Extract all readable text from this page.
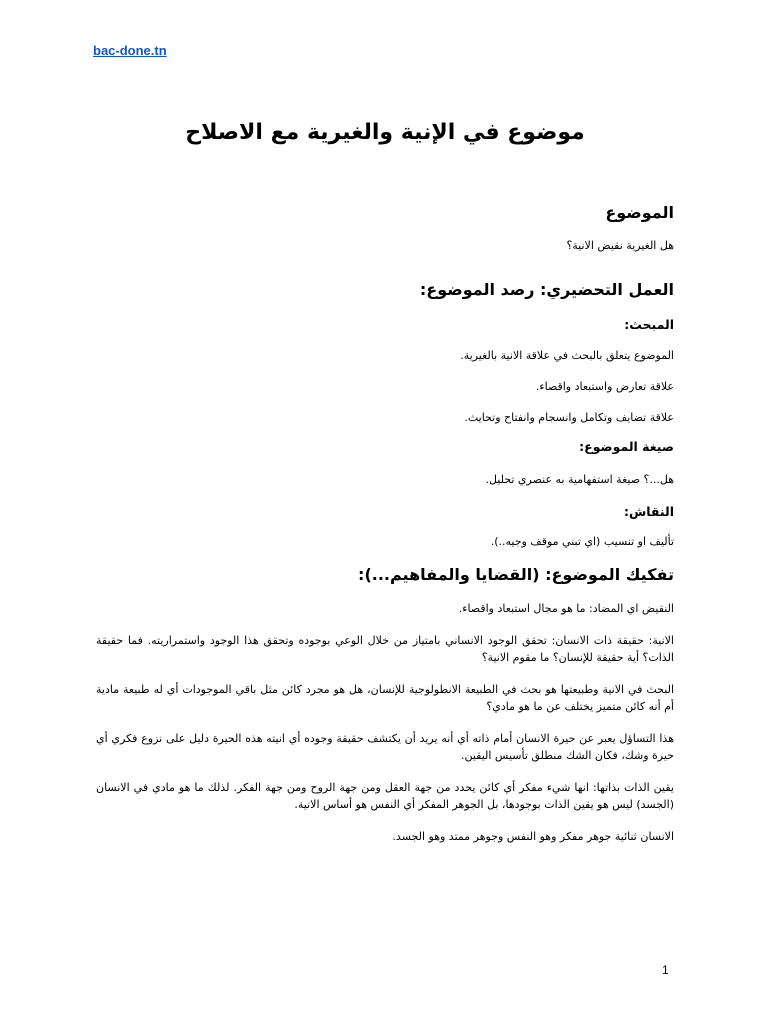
bac-done.tn
موضوع في الإنية والغيرية مع الاصلاح
الموضوع

هل الغيرية نقيض الانية؟

العمل التحضيري: رصد الموضوع:
المبحث:

الموضوع يتعلق بالبحث في علاقة الانية بالغيرية.

علاقة تعارض واستبعاد واقصاء.

علاقة تضايف وتكامل وانسجام وانفتاح وتحايث.

صيغة الموضوع:

هل...؟ صيغة استفهامية به عنصري تحليل.

النقاش:

تأليف او تنسيب (اي تبني موقف وجيه..).

تفكيك الموضوع: (القضايا والمفاهيم...):

النقيض اي المضاد: ما هو مجال استبعاد واقصاء.

الانية: حقيقة ذات الانسان: تحقق الوجود الانساني بامتياز من خلال الوعي بوجوده وتحقق هذا الوجود واستمراريته. فما حقيقة الذات؟ أية حقيقة للإنسان؟ ما مقوم الانية؟

البحث في الانية وطبيعتها هو بحث في الطبيعة الانطولوجية للإنسان، هل هو مجرد كائن مثل باقي الموجودات أي له طبيعة مادية أم أنه كائن متميز يختلف عن ما هو مادي؟

هذا التساؤل يعبر عن حيرة الانسان أمام ذاته أي أنه يريد أن يكتشف حقيقة وجوده أي انيته هذه الحيرة دليل على نزوع فكري أي حيرة وشك، فكان الشك منطلق تأسيس اليقين.

يقين الذات بذاتها: انها شيء مفكر أي كائن يحدد من جهة العقل ومن جهة الروح ومن جهة الفكر. لذلك ما هو مادي في الانسان (الجسد) ليس هو يقين الذات بوجودها، بل الجوهر المفكر أي النفس هو أساس الانية.

الانسان ثنائية جوهر مفكر وهو النفس وجوهر ممتد وهو الجسد.

1
